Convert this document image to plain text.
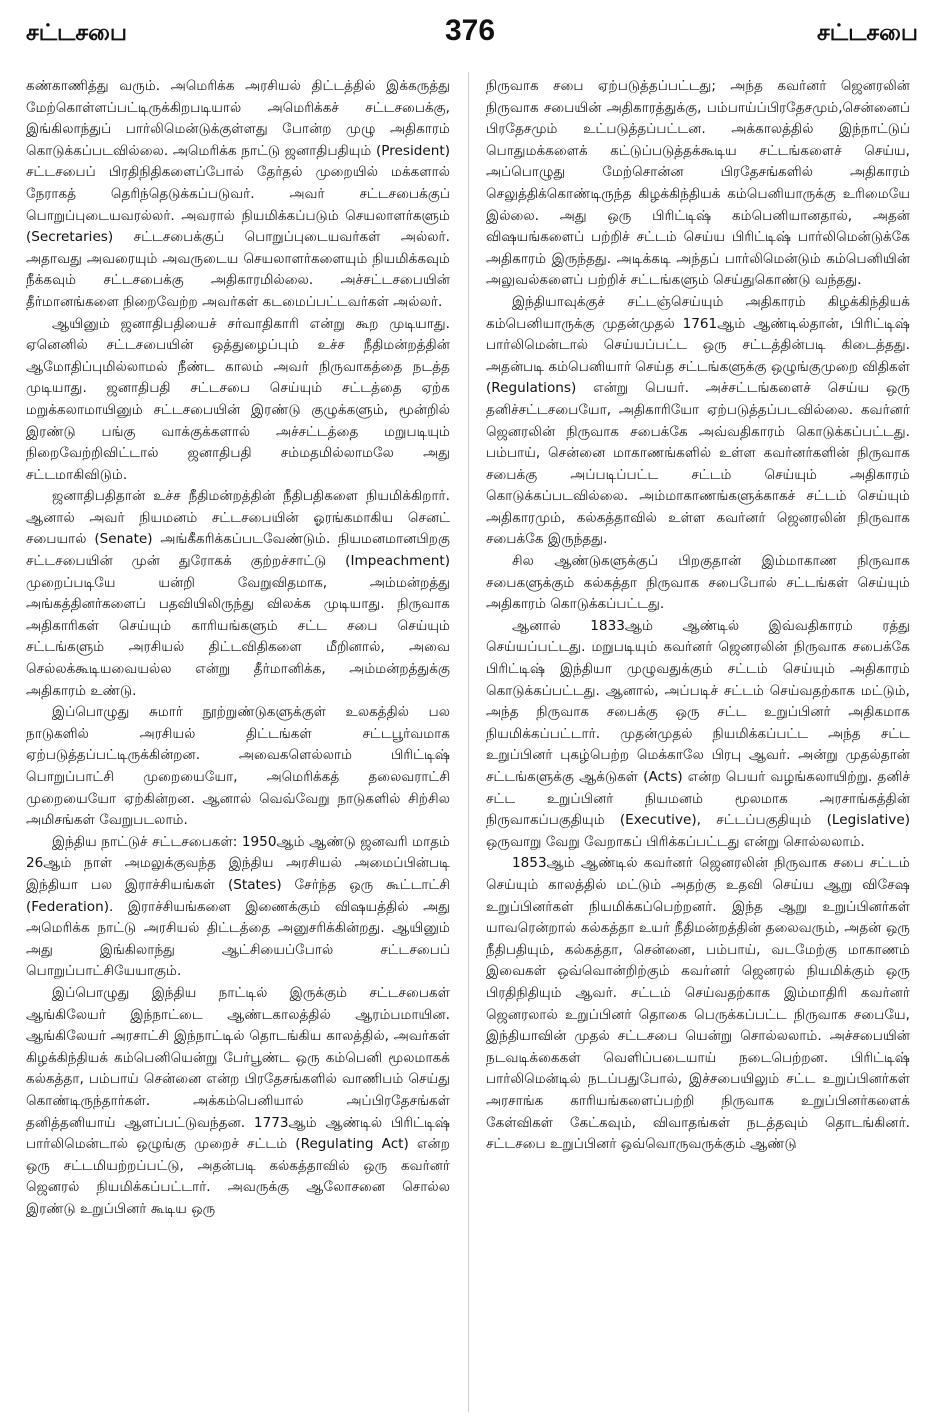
சட்டசபை	376	சட்டசபை

கண்காணித்து வரும். அமெரிக்க அரசியல் திட்டத்தில் இக்கருத்து மேற்கொள்ளப்பட்டிருக்கிறபடியால் அமெரிக்கச் சட்டசபைக்கு, இங்கிலாந்துப் பார்லிமென்டுக்குள்ளது போன்ற முழு அதிகாரம் கொடுக்கப்படவில்லை. அமெரிக்க நாட்டு ஜனாதிபதியும் (President) சட்டசபைப் பிரதிநிதிகளைப்போல் தேர்தல் முறையில் மக்களால் நேராகத் தெரிந்தெடுக்கப்படுவர். அவர் சட்டசபைக்குப் பொறுப்புடையவரல்லர். அவரால் நியமிக்கப்படும் செயலாளர்களும் (Secretaries) சட்டசபைக்குப் பொறுப்புடையவர்கள் அல்லர். அதாவது அவரையும் அவருடைய செயலாளர்களையும் நியமிக்கவும் நீக்கவும் சட்டசபைக்கு அதிகாரமில்லை. அச்சட்டசபையின் தீர்மானங்களை நிறைவேற்ற அவர்கள் கடமைப்பட்டவர்கள் அல்லர்.

ஆயினும் ஜனாதிபதியைச் சர்வாதிகாரி என்று கூற முடியாது. ஏனெனில் சட்டசபையின் ஒத்துழைப்பும் உச்ச நீதிமன்றத்தின் ஆமோதிப்புமில்லாமல் நீண்ட காலம் அவர் நிருவாகத்தை நடத்த முடியாது. ஜனாதிபதி சட்டசபை செய்யும் சட்டத்தை ஏற்க மறுக்கலாமாயினும் சட்டசபையின் இரண்டு குழுக்களும், மூன்றில் இரண்டு பங்கு வாக்குக்களால் அச்சட்டத்தை மறுபடியும் நிறைவேற்றிவிட்டால் ஜனாதிபதி சம்மதமில்லாமலே அது சட்டமாகிவிடும்.

ஜனாதிபதிதான் உச்ச நீதிமன்றத்தின் நீதிபதிகளை நியமிக்கிறார். ஆனால் அவர் நியமனம் சட்டசபையின் ஓரங்கமாகிய செனட் சபையால் (Senate) அங்கீகரிக்கப்படவேண்டும். நியமனமானபிறகு சட்டசபையின் முன் துரோகக் குற்றச்சாட்டு (Impeachment) முறைப்படியே யன்றி வேறுவிதமாக, அம்மன்றத்து அங்கத்தினர்களைப் பதவியிலிருந்து விலக்க முடியாது. நிருவாக அதிகாரிகள் செய்யும் காரியங்களும் சட்ட சபை செய்யும் சட்டங்களும் அரசியல் திட்டவிதிகளை மீறினால், அவை செல்லக்கூடியவையல்ல என்று தீர்மானிக்க, அம்மன்றத்துக்கு அதிகாரம் உண்டு.

இப்பொழுது சுமார் நூற்றுண்டுகளுக்குள் உலகத்தில் பல நாடுகளில் அரசியல் திட்டங்கள் சட்டபூர்வமாக ஏற்படுத்தப்பட்டிருக்கின்றன. அவைகளெல்லாம் பிரிட்டிஷ் பொறுப்பாட்சி முறையையோ, அமெரிக்கத் தலைவராட்சி முறையையோ ஏற்கின்றன. ஆனால் வெவ்வேறு நாடுகளில் சிற்சில அமிசங்கள் வேறுபடலாம்.

இந்திய நாட்டுச் சட்டசபைகள்: 1950ஆம் ஆண்டு ஜனவரி மாதம் 26ஆம் நாள் அமலுக்குவந்த இந்திய அரசியல் அமைப்பின்படி இந்தியா பல இராச்சியங்கள் (States) சேர்ந்த ஒரு கூட்டாட்சி (Federation). இராச்சியங்களை இணைக்கும் விஷயத்தில் அது அமெரிக்க நாட்டு அரசியல் திட்டத்தை அனுசரிக்கின்றது. ஆயினும் அது இங்கிலாந்து ஆட்சியைப்போல் சட்டசபைப் பொறுப்பாட்சியேயாகும்.

இப்பொழுது இந்திய நாட்டில் இருக்கும் சட்டசபைகள் ஆங்கிலேயர் இந்நாட்டை ஆண்டகாலத்தில் ஆரம்பமாயின. ஆங்கிலேயர் அரசாட்சி இந்நாட்டில் தொடங்கிய காலத்தில், அவர்கள் கிழக்கிந்தியக் கம்பெனியென்று பேர்பூண்ட ஒரு கம்பெனி மூலமாகக் கல்கத்தா, பம்பாய் சென்னை என்ற பிரதேசங்களில் வாணிபம் செய்து கொண்டிருந்தார்கள். அக்கம்பெனியால் அப்பிரதேசங்கள் தனித்தனியாய் ஆளப்பட்டுவந்தன. 1773ஆம் ஆண்டில் பிரிட்டிஷ் பார்லிமென்டால் ஒழுங்கு முறைச் சட்டம் (Regulating Act) என்ற ஒரு சட்டமியற்றப்பட்டு, அதன்படி கல்கத்தாவில் ஒரு கவர்னர் ஜெனரல் நியமிக்கப்பட்டார். அவருக்கு ஆலோசனை சொல்ல இரண்டு உறுப்பினர் கூடிய ஒரு

நிருவாக சபை ஏற்படுத்தப்பட்டது; அந்த கவர்னர் ஜெனரலின் நிருவாக சபையின் அதிகாரத்துக்கு, பம்பாய்ப்பிரதேசமும்,சென்னைப் பிரதேசமும் உட்படுத்தப்பட்டன. அக்காலத்தில் இந்நாட்டுப் பொதுமக்களைக் கட்டுப்படுத்தக்கூடிய சட்டங்களைச் செய்ய, அப்பொழுது மேற்சொன்ன பிரதேசங்களில் அதிகாரம் செலுத்திக்கொண்டிருந்த கிழக்கிந்தியக் கம்பெனியாருக்கு உரிமையே இல்லை. அது ஒரு பிரிட்டிஷ் கம்பெனியானதால், அதன் விஷயங்களைப் பற்றிச் சட்டம் செய்ய பிரிட்டிஷ் பார்லிமென்டுக்கே அதிகாரம் இருந்தது. அடிக்கடி அந்தப் பார்லிமென்டும் கம்பெனியின் அலுவல்களைப் பற்றிச் சட்டங்களும் செய்துகொண்டு வந்தது.

இந்தியாவுக்குச் சட்டஞ்செய்யும் அதிகாரம் கிழக்கிந்தியக் கம்பெனியாருக்கு முதன்முதல் 1761ஆம் ஆண்டில்தான், பிரிட்டிஷ் பார்லிமென்டால் செய்யப்பட்ட ஒரு சட்டத்தின்படி கிடைத்தது. அதன்படி கம்பெனியார் செய்த சட்டங்களுக்கு ஒழுங்குமுறை விதிகள் (Regulations) என்று பெயர். அச்சட்டங்களைச் செய்ய ஒரு தனிச்சட்டசபையோ, அதிகாரியோ ஏற்படுத்தப்படவில்லை. கவர்னர் ஜெனரலின் நிருவாக சபைக்கே அவ்வதிகாரம் கொடுக்கப்பட்டது. பம்பாய், சென்னை மாகாணங்களில் உள்ள கவர்னர்களின் நிருவாக சபைக்கு அப்படிப்பட்ட சட்டம் செய்யும் அதிகாரம் கொடுக்கப்படவில்லை. அம்மாகாணங்களுக்காகச் சட்டம் செய்யும் அதிகாரமும், கல்கத்தாவில் உள்ள கவர்னர் ஜெனரலின் நிருவாக சபைக்கே இருந்தது.

சில ஆண்டுகளுக்குப் பிறகுதான் இம்மாகாண நிருவாக சபைகளுக்கும் கல்கத்தா நிருவாக சபைபோல் சட்டங்கள் செய்யும் அதிகாரம் கொடுக்கப்பட்டது.

ஆனால் 1833ஆம் ஆண்டில் இவ்வதிகாரம் ரத்து செய்யப்பட்டது. மறுபடியும் கவர்னர் ஜெனரலின் நிருவாக சபைக்கே பிரிட்டிஷ் இந்தியா முழுவதுக்கும் சட்டம் செய்யும் அதிகாரம் கொடுக்கப்பட்டது. ஆனால், அப்படிச் சட்டம் செய்வதற்காக மட்டும், அந்த நிருவாக சபைக்கு ஒரு சட்ட உறுப்பினர் அதிகமாக நியமிக்கப்பட்டார். முதன்முதல் நியமிக்கப்பட்ட அந்த சட்ட உறுப்பினர் புகழ்பெற்ற மெக்காலே பிரபு ஆவர். அன்று முதல்தான் சட்டங்களுக்கு ஆக்டுகள் (Acts) என்ற பெயர் வழங்கலாயிற்று. தனிச் சட்ட உறுப்பினர் நியமனம் மூலமாக அரசாங்கத்தின் நிருவாகப்பகுதியும் (Executive), சட்டப்பகுதியும் (Legislative) ஒருவாறு வேறு வேறாகப் பிரிக்கப்பட்டது என்று சொல்லலாம்.

1853ஆம் ஆண்டில் கவர்னர் ஜெனரலின் நிருவாக சபை சட்டம் செய்யும் காலத்தில் மட்டும் அதற்கு உதவி செய்ய ஆறு விசேஷ உறுப்பினர்கள் நியமிக்கப்பெற்றனர். இந்த ஆறு உறுப்பினர்கள் யாவரென்றால் கல்கத்தா உயர் நீதிமன்றத்தின் தலைவரும், அதன் ஒரு நீதிபதியும், கல்கத்தா, சென்னை, பம்பாய், வடமேற்கு மாகாணம் இவைகள் ஒவ்வொன்றிற்கும் கவர்னர் ஜெனரல் நியமிக்கும் ஒரு பிரதிநிதியும் ஆவர். சட்டம் செய்வதற்காக இம்மாதிரி கவர்னர் ஜெனரலால் உறுப்பினர் தொகை பெருக்கப்பட்ட நிருவாக சபையே, இந்தியாவின் முதல் சட்டசபை யென்று சொல்லலாம். அச்சபையின் நடவடிக்கைகள் வெளிப்படையாய் நடைபெற்றன. பிரிட்டிஷ் பார்லிமென்டில் நடப்பதுபோல், இச்சபையிலும் சட்ட உறுப்பினர்கள் அரசாங்க காரியங்களைப்பற்றி நிருவாக உறுப்பினர்களைக் கேள்விகள் கேட்கவும், விவாதங்கள் நடத்தவும் தொடங்கினர். சட்டசபை உறுப்பினர் ஒவ்வொருவருக்கும் ஆண்டு
